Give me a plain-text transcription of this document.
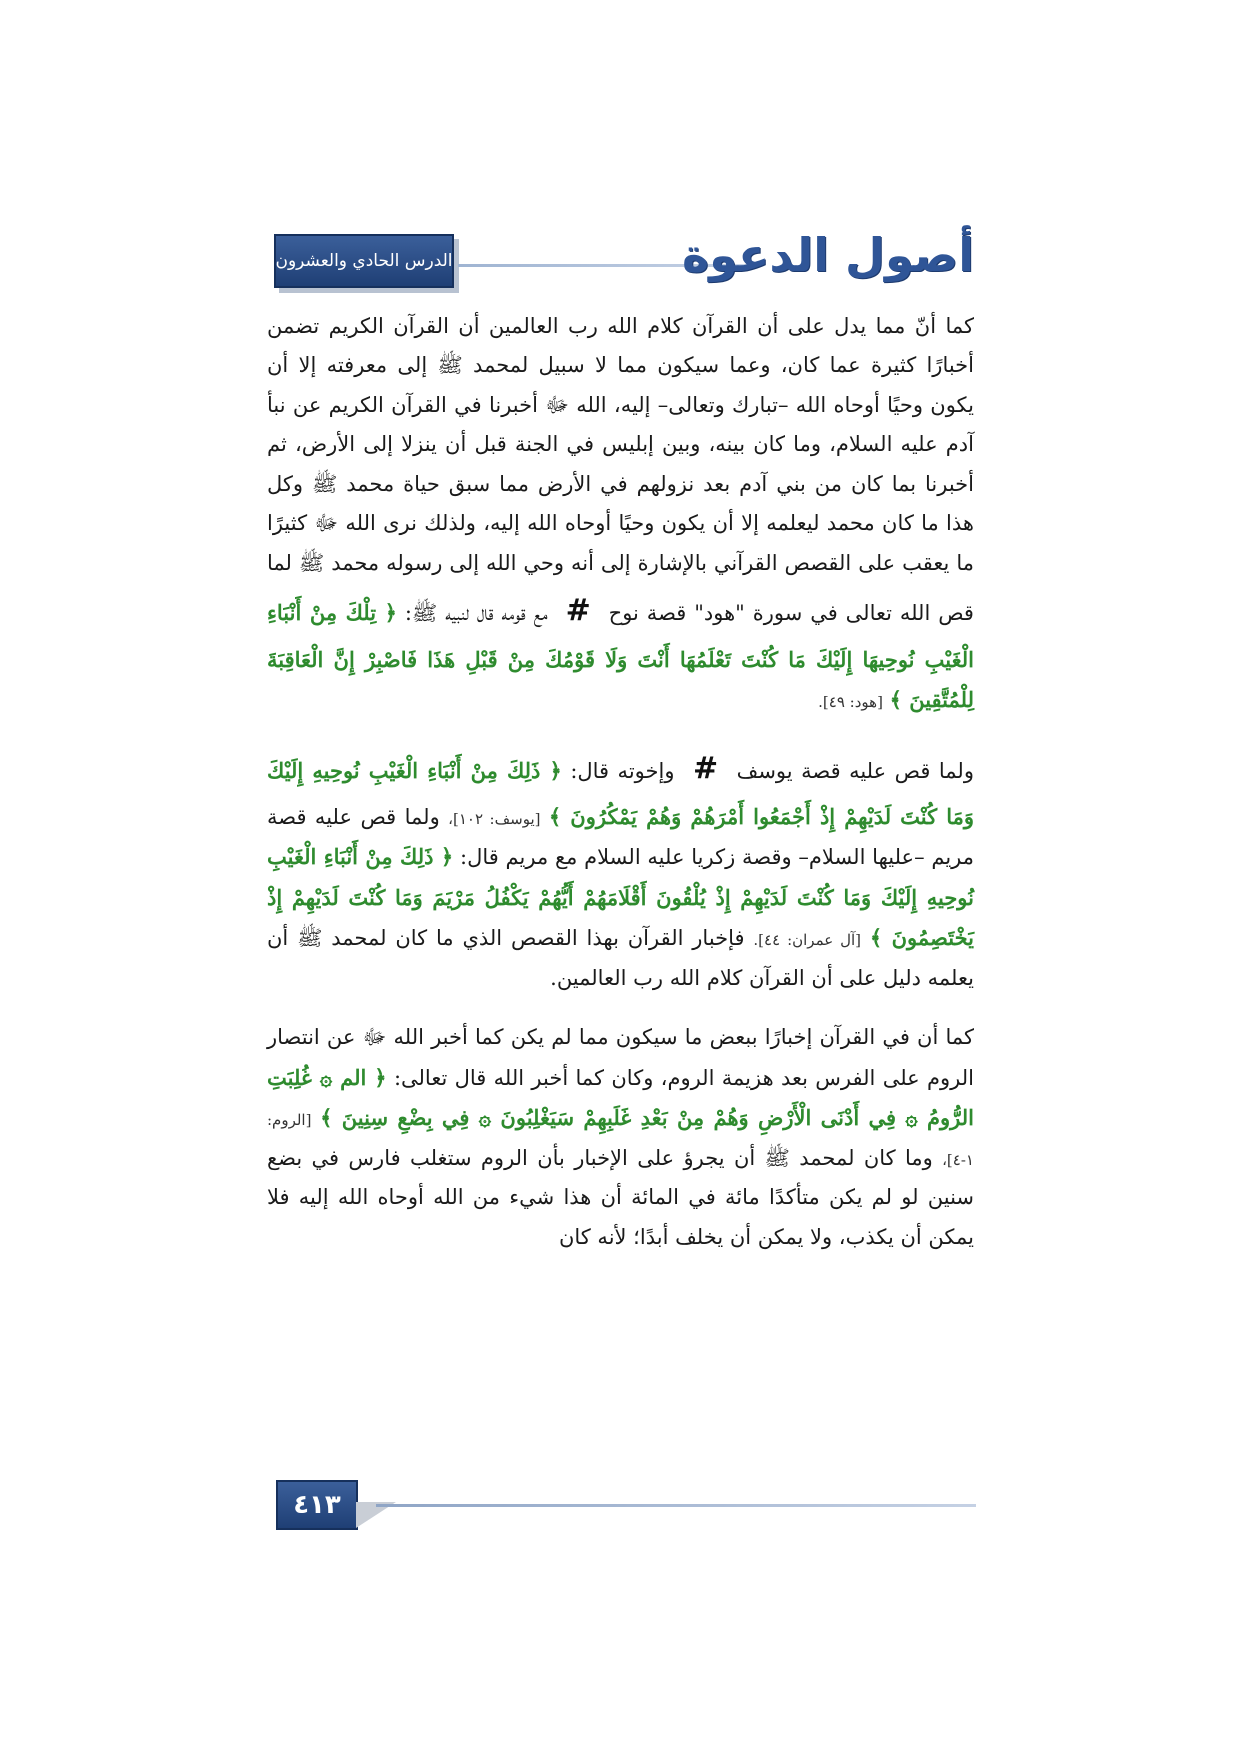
الدرس الحادي والعشرون	أصول الدعوة

كما أنّ مما يدل على أن القرآن كلام الله رب العالمين أن القرآن الكريم تضمن أخبارًا كثيرة عما كان، وعما سيكون مما لا سبيل لمحمد ﷺ إلى معرفته إلا أن يكون وحيًا أوحاه الله –تبارك وتعالى– إليه، الله ﷻ أخبرنا في القرآن الكريم عن نبأ آدم عليه السلام، وما كان بينه، وبين إبليس في الجنة قبل أن ينزلا إلى الأرض، ثم أخبرنا بما كان من بني آدم بعد نزولهم في الأرض مما سبق حياة محمد ﷺ وكل هذا ما كان محمد ليعلمه إلا أن يكون وحيًا أوحاه الله إليه، ولذلك نرى الله ﷻ كثيرًا ما يعقب على القصص القرآني بالإشارة إلى أنه وحي الله إلى رسوله محمد ﷺ لما قص الله تعالى في سورة "هود" قصة نوح # مع قومه قال لنبيه ﷺ: ﴿ تِلْكَ مِنْ أَنْبَاءِ الْغَيْبِ نُوحِيهَا إِلَيْكَ مَا كُنْتَ تَعْلَمُهَا أَنْتَ وَلَا قَوْمُكَ مِنْ قَبْلِ هَذَا فَاصْبِرْ إِنَّ الْعَاقِبَةَ لِلْمُتَّقِينَ ﴾ [هود: ٤٩].

ولما قص عليه قصة يوسف # وإخوته قال: ﴿ ذَلِكَ مِنْ أَنْبَاءِ الْغَيْبِ نُوحِيهِ إِلَيْكَ وَمَا كُنْتَ لَدَيْهِمْ إِذْ أَجْمَعُوا أَمْرَهُمْ وَهُمْ يَمْكُرُونَ ﴾ [يوسف: ١٠٢]، ولما قص عليه قصة مريم –عليها السلام– وقصة زكريا عليه السلام مع مريم قال: ﴿ ذَلِكَ مِنْ أَنْبَاءِ الْغَيْبِ نُوحِيهِ إِلَيْكَ وَمَا كُنْتَ لَدَيْهِمْ إِذْ يُلْقُونَ أَقْلَامَهُمْ أَيُّهُمْ يَكْفُلُ مَرْيَمَ وَمَا كُنْتَ لَدَيْهِمْ إِذْ يَخْتَصِمُونَ ﴾ [آل عمران: ٤٤]. فإخبار القرآن بهذا القصص الذي ما كان لمحمد ﷺ أن يعلمه دليل على أن القرآن كلام الله رب العالمين.

كما أن في القرآن إخبارًا ببعض ما سيكون مما لم يكن كما أخبر الله ﷻ عن انتصار الروم على الفرس بعد هزيمة الروم، وكان كما أخبر الله قال تعالى: ﴿ الم ۞ غُلِبَتِ الرُّومُ ۞ فِي أَدْنَى الْأَرْضِ وَهُمْ مِنْ بَعْدِ غَلَبِهِمْ سَيَغْلِبُونَ ۞ فِي بِضْعِ سِنِينَ ﴾ [الروم: ١-٤]، وما كان لمحمد ﷺ أن يجرؤ على الإخبار بأن الروم ستغلب فارس في بضع سنين لو لم يكن متأكدًا مائة في المائة أن هذا شيء من الله أوحاه الله إليه فلا يمكن أن يكذب، ولا يمكن أن يخلف أبدًا؛ لأنه كان

٤١٣
